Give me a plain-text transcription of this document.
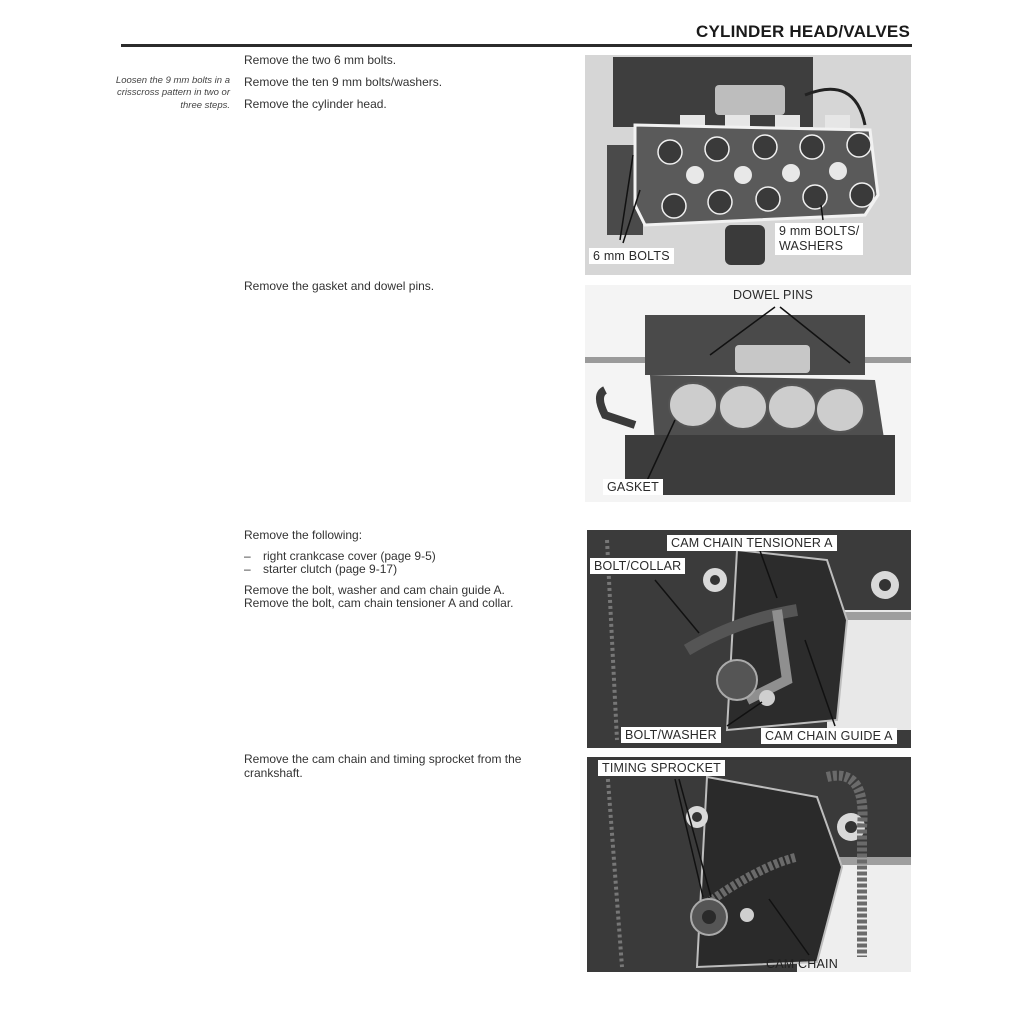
CYLINDER HEAD/VALVES
Loosen the 9 mm bolts in a crisscross pattern in two or three steps.
Remove the two 6 mm bolts.
Remove the ten 9 mm bolts/washers.
Remove the cylinder head.
Remove the gasket and dowel pins.
Remove the following:
– right crankcase cover (page 9-5)
– starter clutch (page 9-17)
Remove the bolt, washer and cam chain guide A.
Remove the bolt, cam chain tensioner A and collar.
Remove the cam chain and timing sprocket from the
crankshaft.
6 mm BOLTS
9 mm BOLTS/
WASHERS
DOWEL PINS
GASKET
CAM CHAIN TENSIONER A
BOLT/COLLAR
BOLT/WASHER	CAM CHAIN GUIDE A
TIMING SPROCKET
CAM CHAIN
